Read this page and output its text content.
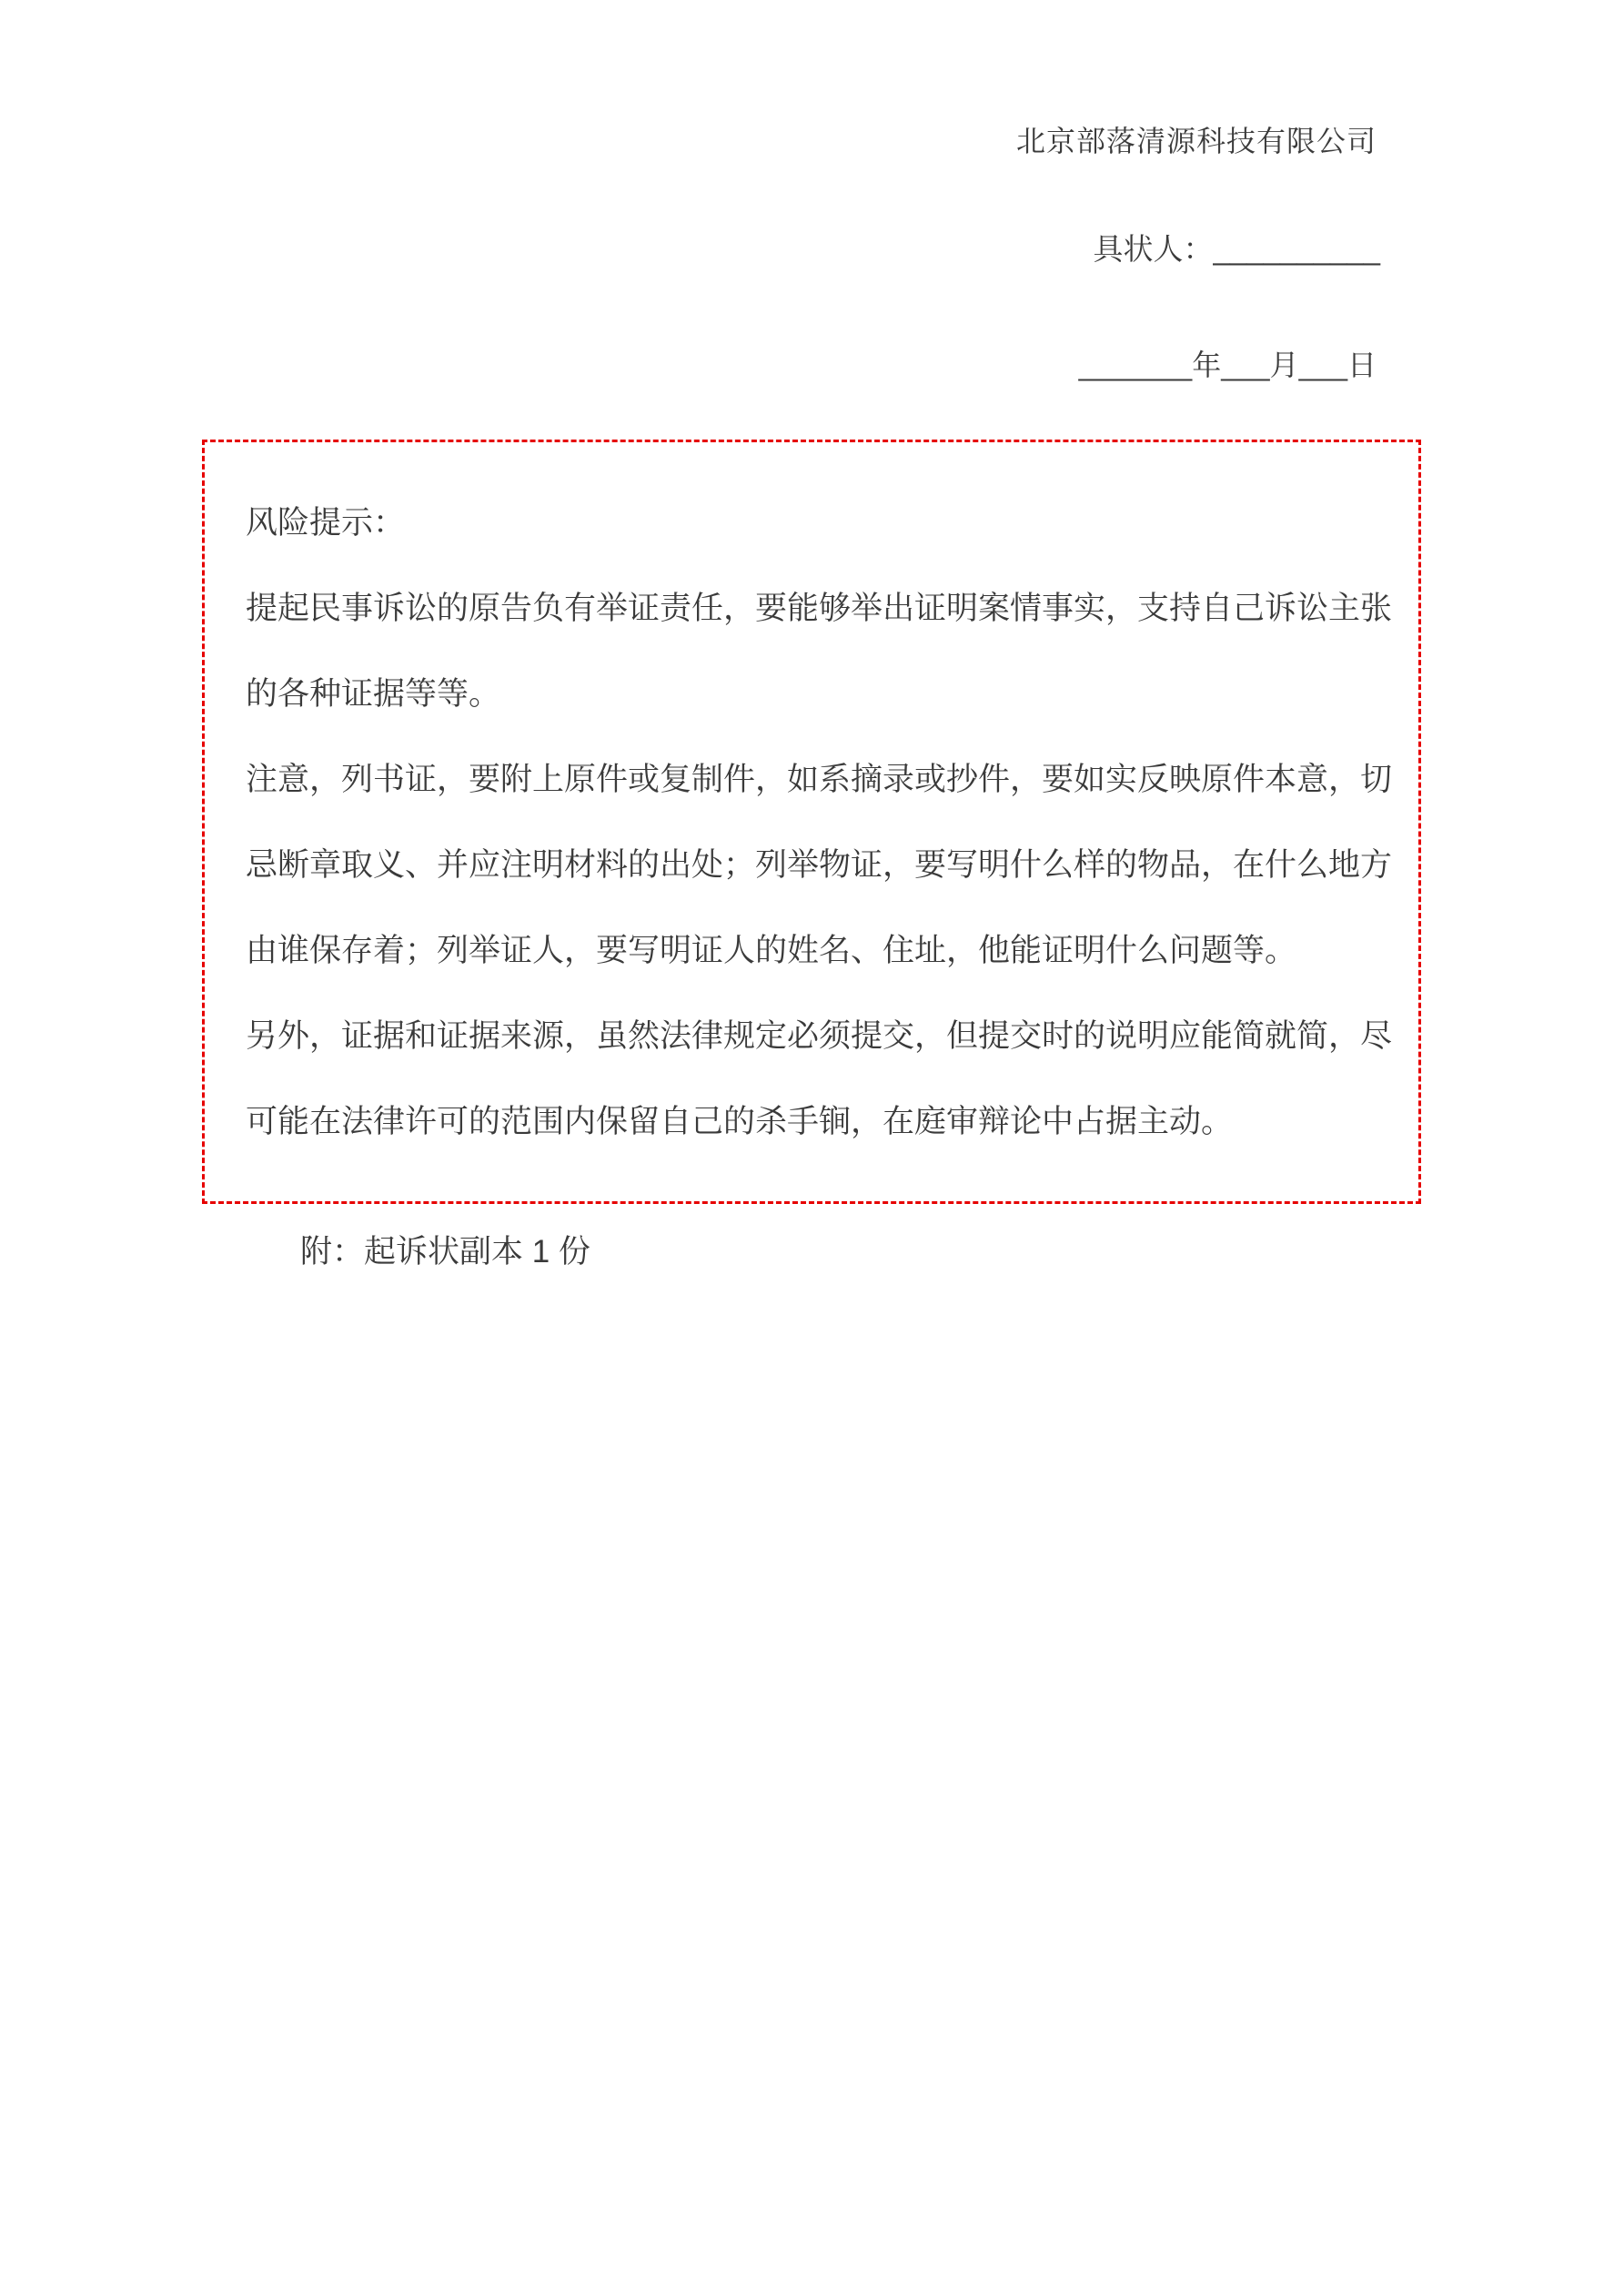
北京部落清源科技有限公司
具状人：__________
_______年___月___日
风险提示：
提起民事诉讼的原告负有举证责任，要能够举出证明案情事实，支持自己诉讼主张
的各种证据等等。
注意，列书证，要附上原件或复制件，如系摘录或抄件，要如实反映原件本意，切
忌断章取义、并应注明材料的出处；列举物证，要写明什么样的物品，在什么地方
由谁保存着；列举证人，要写明证人的姓名、住址，他能证明什么问题等。
另外，证据和证据来源，虽然法律规定必须提交，但提交时的说明应能简就简，尽
可能在法律许可的范围内保留自己的杀手锏，在庭审辩论中占据主动。
附：起诉状副本 1 份
